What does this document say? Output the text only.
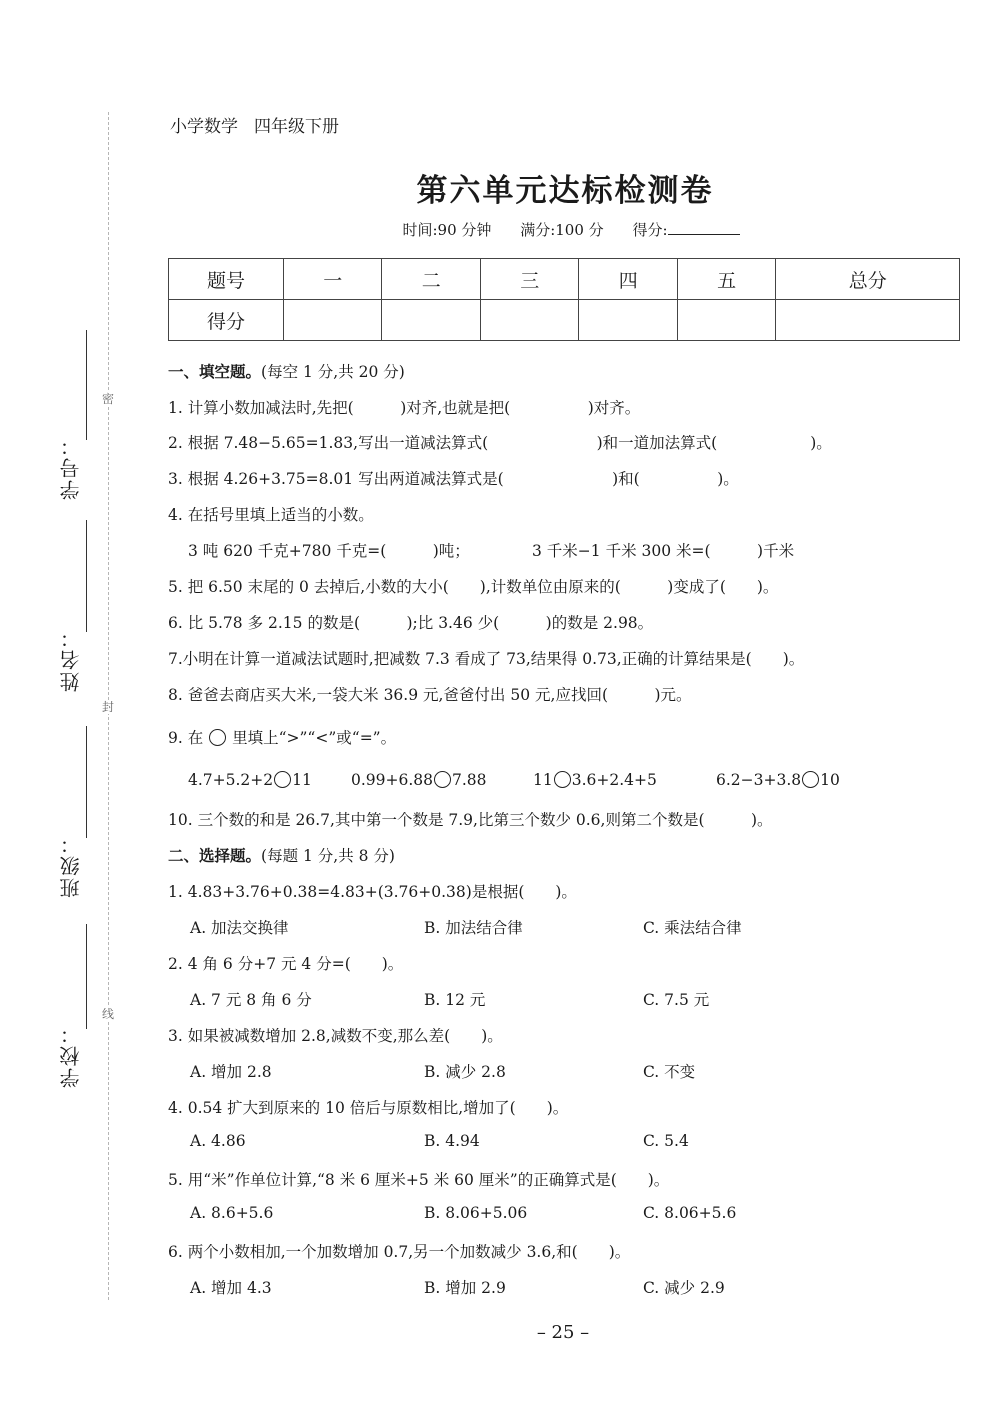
密
封
线
学号：
姓名：
班级：
学校：
小学数学 四年级下册
第六单元达标检测卷
时间:90 分钟 满分:100 分 得分:
题号	一	二	三	四	五	总分
得分						
一、填空题。(每空 1 分,共 20 分)
1. 计算小数加减法时,先把(　　　)对齐,也就是把(　　　　　)对齐。
2. 根据 7.48−5.65=1.83,写出一道减法算式(　　　　　　　)和一道加法算式(　　　　　　)。
3. 根据 4.26+3.75=8.01 写出两道减法算式是(　　　　　　　)和(　　　　　)。
4. 在括号里填上适当的小数。
3 吨 620 千克+780 千克=(　　　)吨；	3 千米−1 千米 300 米=(　　　)千米
5. 把 6.50 末尾的 0 去掉后,小数的大小(　　),计数单位由原来的(　　　)变成了(　　)。
6. 比 5.78 多 2.15 的数是(　　　);比 3.46 少(　　　)的数是 2.98。
7.小明在计算一道减法试题时,把减数 7.3 看成了 73,结果得 0.73,正确的计算结果是(　　)。
8. 爸爸去商店买大米,一袋大米 36.9 元,爸爸付出 50 元,应找回(　　　)元。
9. 在 里填上“>”“<”或“=”。
4.7+5.2+2 11	0.99+6.88 7.88	11 3.6+2.4+5	6.2−3+3.8 10
10. 三个数的和是 26.7,其中第一个数是 7.9,比第三个数少 0.6,则第二个数是(　　　)。
二、选择题。(每题 1 分,共 8 分)
1. 4.83+3.76+0.38=4.83+(3.76+0.38)是根据(　　)。
A. 加法交换律	B. 加法结合律	C. 乘法结合律
2. 4 角 6 分+7 元 4 分=(　　)。
A. 7 元 8 角 6 分	B. 12 元	C. 7.5 元
3. 如果被减数增加 2.8,减数不变,那么差(　　)。
A. 增加 2.8	B. 减少 2.8	C. 不变
4. 0.54 扩大到原来的 10 倍后与原数相比,增加了(　　)。
A. 4.86	B. 4.94	C. 5.4
5. 用“米”作单位计算,“8 米 6 厘米+5 米 60 厘米”的正确算式是(　　)。
A. 8.6+5.6	B. 8.06+5.06	C. 8.06+5.6
6. 两个小数相加,一个加数增加 0.7,另一个加数减少 3.6,和(　　)。
A. 增加 4.3	B. 增加 2.9	C. 减少 2.9
– 25 –
